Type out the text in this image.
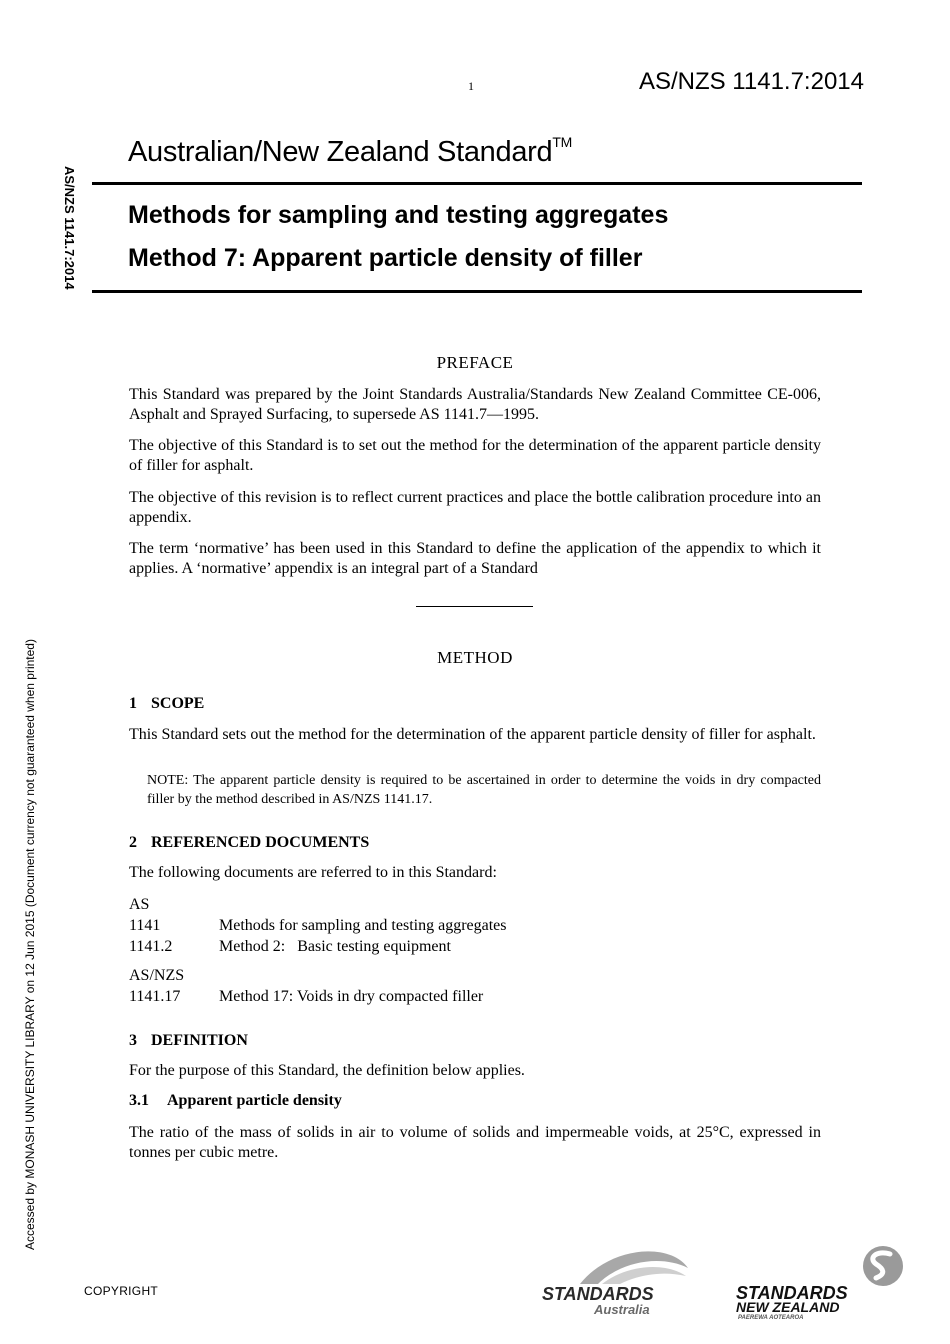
1	AS/NZS 1141.7:2014
Australian/New Zealand Standard™
Methods for sampling and testing aggregates
Method 7: Apparent particle density of filler
AS/NZS 1141.7:2014
Accessed by MONASH UNIVERSITY LIBRARY on 12 Jun 2015 (Document currency not guaranteed when printed)
PREFACE
This Standard was prepared by the Joint Standards Australia/Standards New Zealand Committee CE-006, Asphalt and Sprayed Surfacing, to supersede AS 1141.7—1995.
The objective of this Standard is to set out the method for the determination of the apparent particle density of filler for asphalt.
The objective of this revision is to reflect current practices and place the bottle calibration procedure into an appendix.
The term ‘normative’ has been used in this Standard to define the application of the appendix to which it applies. A ‘normative’ appendix is an integral part of a Standard
METHOD
1 SCOPE
This Standard sets out the method for the determination of the apparent particle density of filler for asphalt.
NOTE: The apparent particle density is required to be ascertained in order to determine the voids in dry compacted filler by the method described in AS/NZS 1141.17.
2 REFERENCED DOCUMENTS
The following documents are referred to in this Standard:
AS
1141	Methods for sampling and testing aggregates
1141.2	Method 2:   Basic testing equipment
AS/NZS
1141.17 Method 17: Voids in dry compacted filler
3 DEFINITION
For the purpose of this Standard, the definition below applies.
3.1 Apparent particle density
The ratio of the mass of solids in air to volume of solids and impermeable voids, at 25°C, expressed in tonnes per cubic metre.
COPYRIGHT	STANDARDS
Australia
STANDARDS
NEW ZEALAND
PAEREWA AOTEAROA
